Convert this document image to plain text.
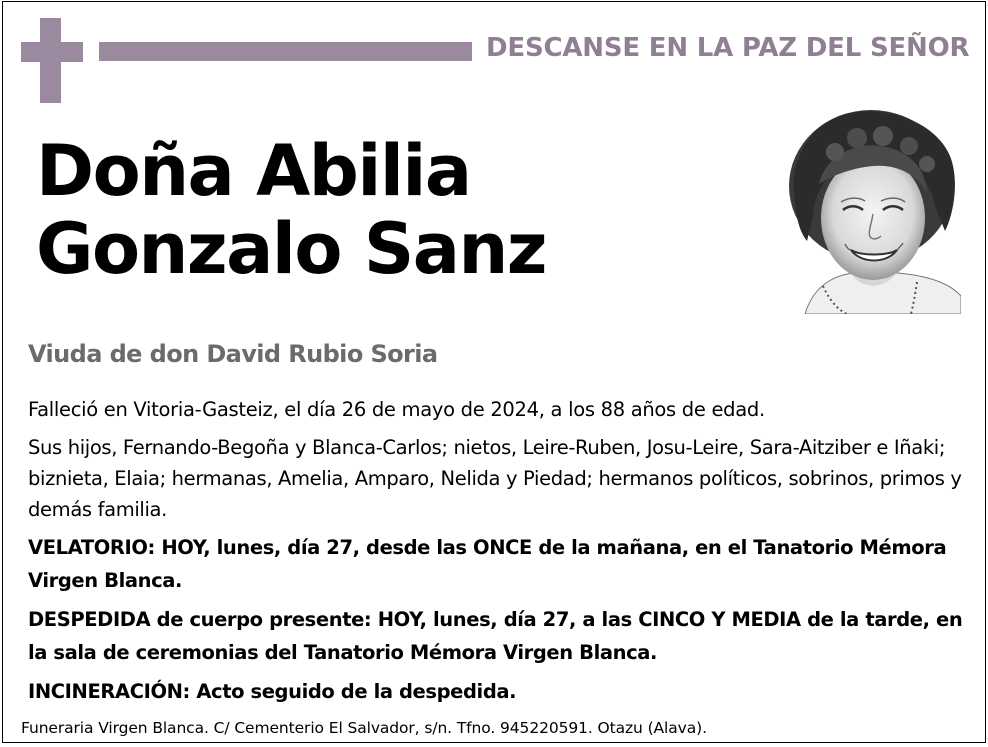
DESCANSE EN LA PAZ DEL SEÑOR
Doña Abilia
Gonzalo Sanz
Viuda de don David Rubio Soria

Falleció en Vitoria-Gasteiz, el día 26 de mayo de 2024, a los 88 años de edad.

Sus hijos, Fernando-Begoña y Blanca-Carlos; nietos, Leire-Ruben, Josu-Leire, Sara-Aitziber e Iñaki; biznieta, Elaia; hermanas, Amelia, Amparo, Nelida y Piedad; hermanos políticos, sobrinos, primos y demás familia.

VELATORIO: HOY, lunes, día 27, desde las ONCE de la mañana, en el Tanatorio Mémora Virgen Blanca.

DESPEDIDA de cuerpo presente: HOY, lunes, día 27, a las CINCO Y MEDIA de la tarde, en la sala de ceremonias del Tanatorio Mémora Virgen Blanca.

INCINERACIÓN: Acto seguido de la despedida.

Funeraria Virgen Blanca. C/ Cementerio El Salvador, s/n. Tfno. 945220591. Otazu (Alava).
